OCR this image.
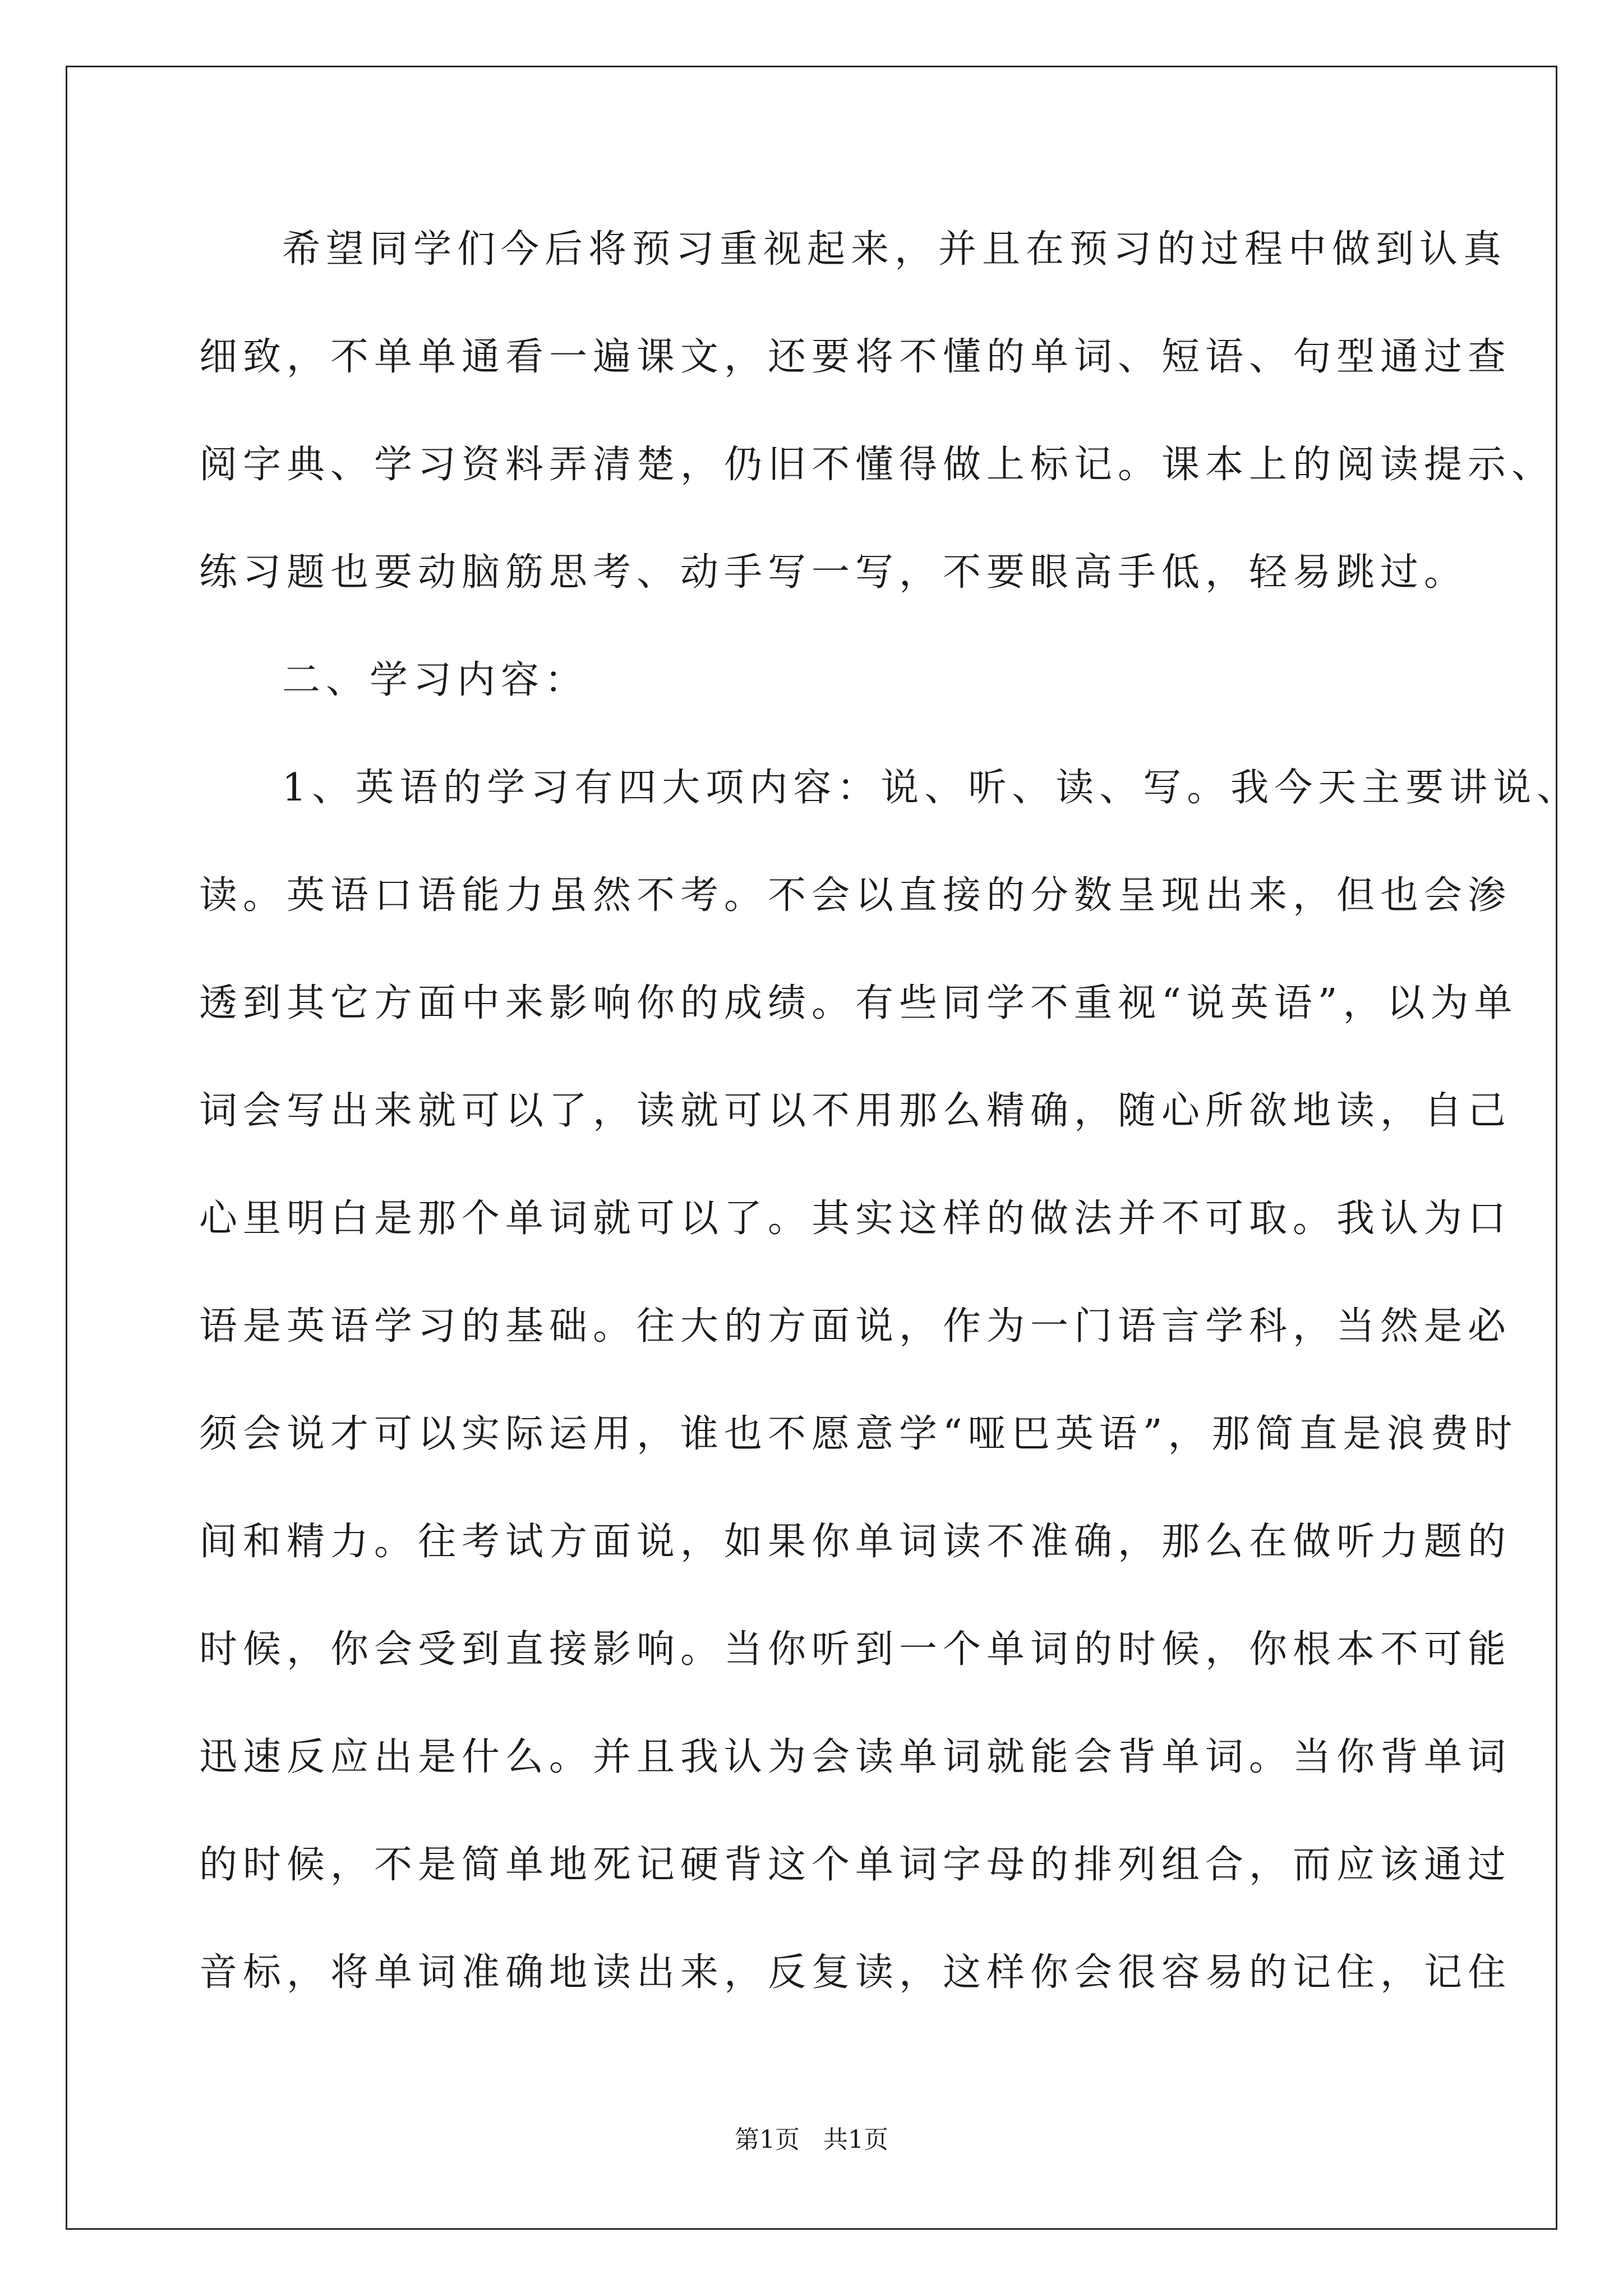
希望同学们今后将预习重视起来，并且在预习的过程中做到认真
细致，不单单通看一遍课文，还要将不懂的单词、短语、句型通过查
阅字典、学习资料弄清楚，仍旧不懂得做上标记。课本上的阅读提示、
练习题也要动脑筋思考、动手写一写，不要眼高手低，轻易跳过。
二、学习内容：
1、英语的学习有四大项内容：说、听、读、写。我今天主要讲说、
读。英语口语能力虽然不考。不会以直接的分数呈现出来，但也会渗
透到其它方面中来影响你的成绩。有些同学不重视“说英语”，以为单
词会写出来就可以了，读就可以不用那么精确，随心所欲地读，自己
心里明白是那个单词就可以了。其实这样的做法并不可取。我认为口
语是英语学习的基础。往大的方面说，作为一门语言学科，当然是必
须会说才可以实际运用，谁也不愿意学“哑巴英语”，那简直是浪费时
间和精力。往考试方面说，如果你单词读不准确，那么在做听力题的
时候，你会受到直接影响。当你听到一个单词的时候，你根本不可能
迅速反应出是什么。并且我认为会读单词就能会背单词。当你背单词
的时候，不是简单地死记硬背这个单词字母的排列组合，而应该通过
音标，将单词准确地读出来，反复读，这样你会很容易的记住，记住
第1页   共1页
